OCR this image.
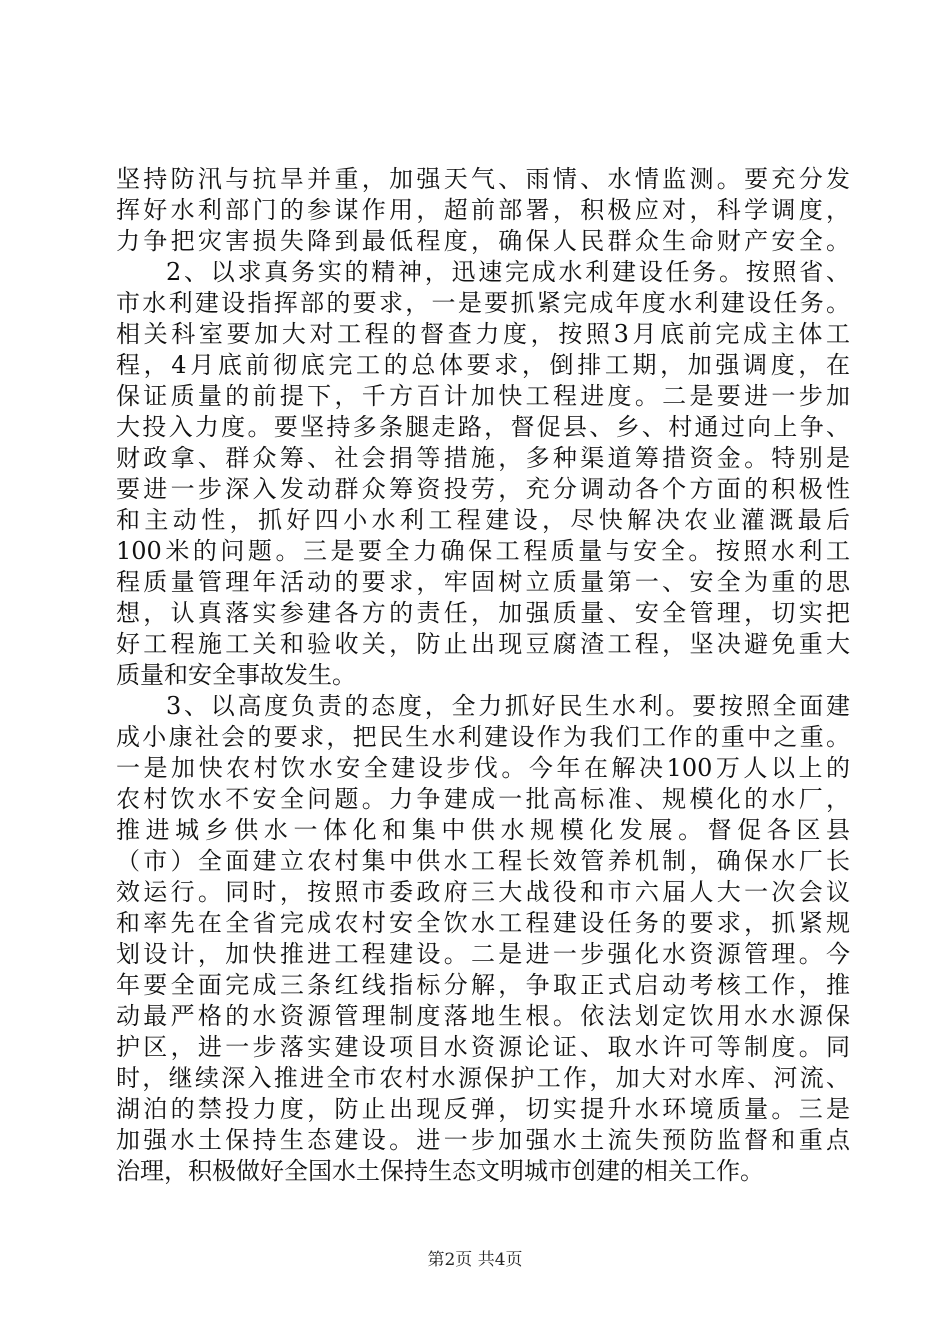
坚持防汛与抗旱并重，加强天气、雨情、水情监测。要充分发
挥好水利部门的参谋作用，超前部署，积极应对，科学调度，
力争把灾害损失降到最低程度，确保人民群众生命财产安全。
2、以求真务实的精神，迅速完成水利建设任务。按照省、
市水利建设指挥部的要求，一是要抓紧完成年度水利建设任务。
相关科室要加大对工程的督查力度，按照3月底前完成主体工
程，4月底前彻底完工的总体要求，倒排工期，加强调度，在
保证质量的前提下，千方百计加快工程进度。二是要进一步加
大投入力度。要坚持多条腿走路，督促县、乡、村通过向上争、
财政拿、群众筹、社会捐等措施，多种渠道筹措资金。特别是
要进一步深入发动群众筹资投劳，充分调动各个方面的积极性
和主动性，抓好四小水利工程建设，尽快解决农业灌溉最后
100米的问题。三是要全力确保工程质量与安全。按照水利工
程质量管理年活动的要求，牢固树立质量第一、安全为重的思
想，认真落实参建各方的责任，加强质量、安全管理，切实把
好工程施工关和验收关，防止出现豆腐渣工程，坚决避免重大
质量和安全事故发生。
3、以高度负责的态度，全力抓好民生水利。要按照全面建
成小康社会的要求，把民生水利建设作为我们工作的重中之重。
一是加快农村饮水安全建设步伐。今年在解决100万人以上的
农村饮水不安全问题。力争建成一批高标准、规模化的水厂，
推进城乡供水一体化和集中供水规模化发展。督促各区县
（市）全面建立农村集中供水工程长效管养机制，确保水厂长
效运行。同时，按照市委政府三大战役和市六届人大一次会议
和率先在全省完成农村安全饮水工程建设任务的要求，抓紧规
划设计，加快推进工程建设。二是进一步强化水资源管理。今
年要全面完成三条红线指标分解，争取正式启动考核工作，推
动最严格的水资源管理制度落地生根。依法划定饮用水水源保
护区，进一步落实建设项目水资源论证、取水许可等制度。同
时，继续深入推进全市农村水源保护工作，加大对水库、河流、
湖泊的禁投力度，防止出现反弹，切实提升水环境质量。三是
加强水土保持生态建设。进一步加强水土流失预防监督和重点
治理，积极做好全国水土保持生态文明城市创建的相关工作。
第2页 共4页
